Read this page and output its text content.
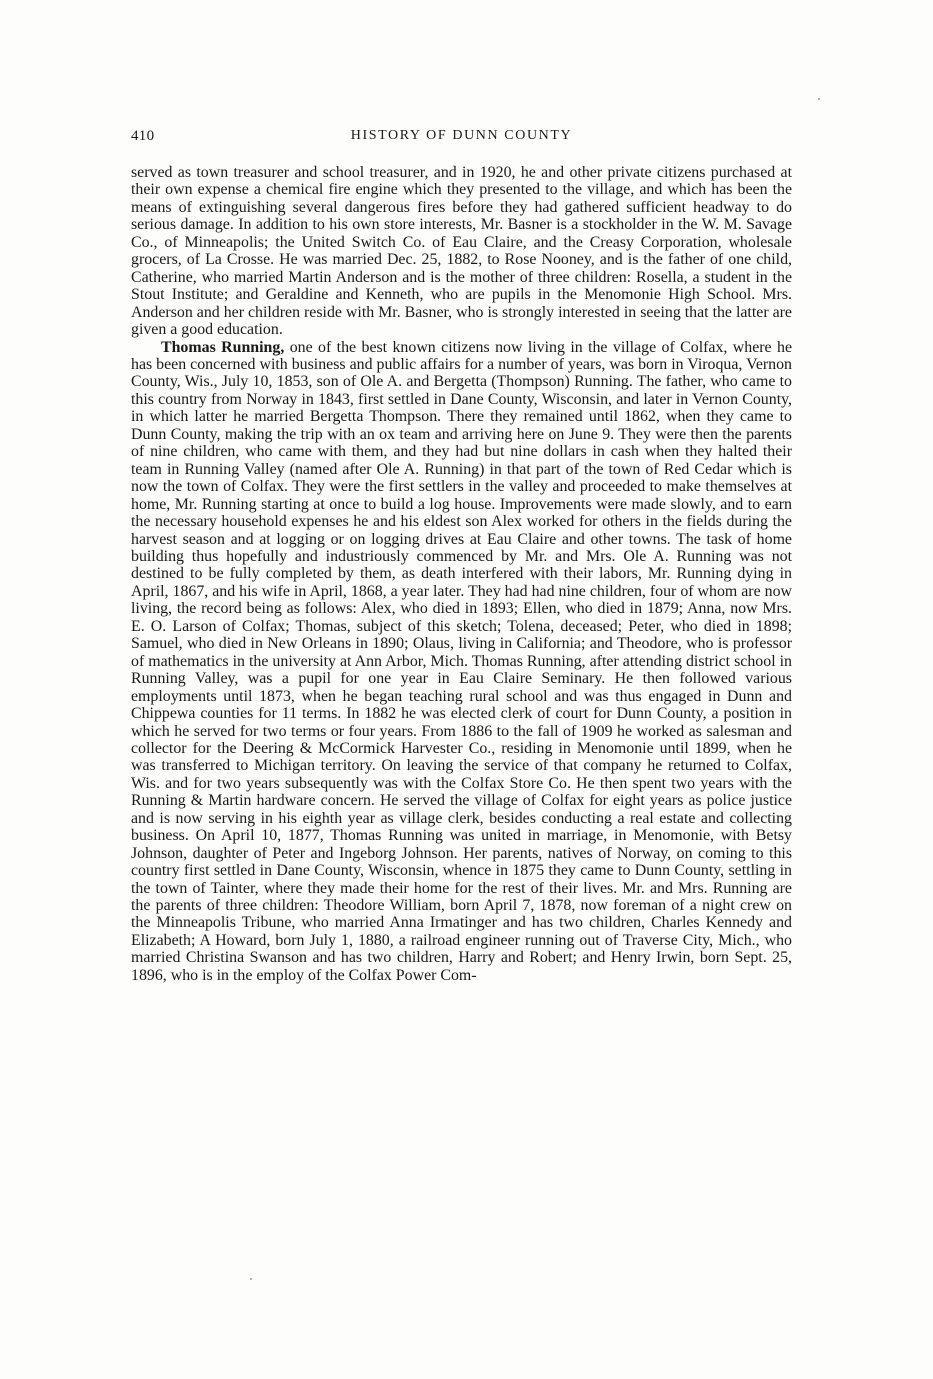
410	HISTORY OF DUNN COUNTY

served as town treasurer and school treasurer, and in 1920, he and other private citizens purchased at their own expense a chemical fire engine which they presented to the village, and which has been the means of extinguishing several dangerous fires before they had gathered sufficient headway to do serious damage. In addition to his own store interests, Mr. Basner is a stockholder in the W. M. Savage Co., of Minneapolis; the United Switch Co. of Eau Claire, and the Creasy Corporation, wholesale grocers, of La Crosse. He was married Dec. 25, 1882, to Rose Nooney, and is the father of one child, Catherine, who married Martin Anderson and is the mother of three children: Rosella, a student in the Stout Institute; and Geraldine and Kenneth, who are pupils in the Menomonie High School. Mrs. Anderson and her children reside with Mr. Basner, who is strongly interested in seeing that the latter are given a good education.

Thomas Running, one of the best known citizens now living in the village of Colfax, where he has been concerned with business and public affairs for a number of years, was born in Viroqua, Vernon County, Wis., July 10, 1853, son of Ole A. and Bergetta (Thompson) Running. The father, who came to this country from Norway in 1843, first settled in Dane County, Wisconsin, and later in Vernon County, in which latter he married Bergetta Thompson. There they remained until 1862, when they came to Dunn County, making the trip with an ox team and arriving here on June 9. They were then the parents of nine children, who came with them, and they had but nine dollars in cash when they halted their team in Running Valley (named after Ole A. Running) in that part of the town of Red Cedar which is now the town of Colfax. They were the first settlers in the valley and proceeded to make themselves at home, Mr. Running starting at once to build a log house. Improvements were made slowly, and to earn the necessary household expenses he and his eldest son Alex worked for others in the fields during the harvest season and at logging or on logging drives at Eau Claire and other towns. The task of home building thus hopefully and industriously commenced by Mr. and Mrs. Ole A. Running was not destined to be fully completed by them, as death interfered with their labors, Mr. Running dying in April, 1867, and his wife in April, 1868, a year later. They had had nine children, four of whom are now living, the record being as follows: Alex, who died in 1893; Ellen, who died in 1879; Anna, now Mrs. E. O. Larson of Colfax; Thomas, subject of this sketch; Tolena, deceased; Peter, who died in 1898; Samuel, who died in New Orleans in 1890; Olaus, living in California; and Theodore, who is professor of mathematics in the university at Ann Arbor, Mich. Thomas Running, after attending district school in Running Valley, was a pupil for one year in Eau Claire Seminary. He then followed various employments until 1873, when he began teaching rural school and was thus engaged in Dunn and Chippewa counties for 11 terms. In 1882 he was elected clerk of court for Dunn County, a position in which he served for two terms or four years. From 1886 to the fall of 1909 he worked as salesman and collector for the Deering & McCormick Harvester Co., residing in Menomonie until 1899, when he was transferred to Michigan territory. On leaving the service of that company he returned to Colfax, Wis. and for two years subsequently was with the Colfax Store Co. He then spent two years with the Running & Martin hardware concern. He served the village of Colfax for eight years as police justice and is now serving in his eighth year as village clerk, besides conducting a real estate and collecting business. On April 10, 1877, Thomas Running was united in marriage, in Menomonie, with Betsy Johnson, daughter of Peter and Ingeborg Johnson. Her parents, natives of Norway, on coming to this country first settled in Dane County, Wisconsin, whence in 1875 they came to Dunn County, settling in the town of Tainter, where they made their home for the rest of their lives. Mr. and Mrs. Running are the parents of three children: Theodore William, born April 7, 1878, now foreman of a night crew on the Minneapolis Tribune, who married Anna Irmatinger and has two children, Charles Kennedy and Elizabeth; A Howard, born July 1, 1880, a railroad engineer running out of Traverse City, Mich., who married Christina Swanson and has two children, Harry and Robert; and Henry Irwin, born Sept. 25, 1896, who is in the employ of the Colfax Power Com-
